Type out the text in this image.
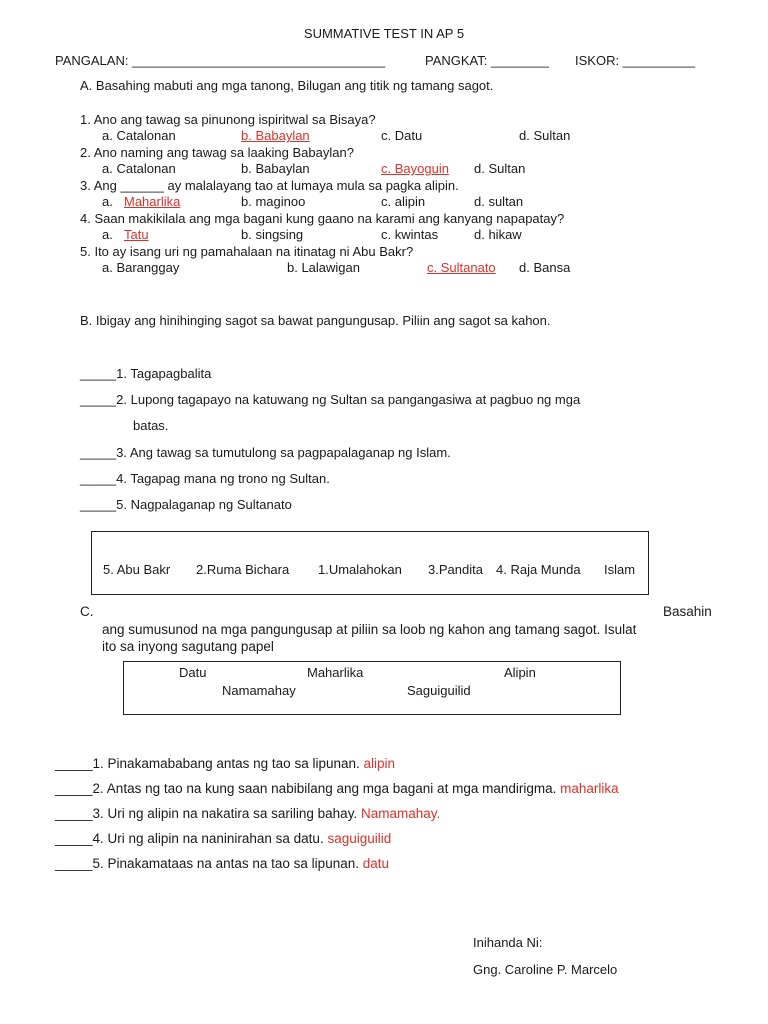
SUMMATIVE TEST IN AP 5
PANGALAN: ___________________________________	PANGKAT: ________ ISKOR: __________
A. Basahing mabuti ang mga tanong, Bilugan ang titik ng tamang sagot.
1. Ano ang tawag sa pinunong ispiritwal sa Bisaya?
a. Catalonan	b. Babaylan	c. Datu	d. Sultan
2. Ano naming ang tawag sa laaking Babaylan?
a. Catalonan	b. Babaylan	c. Bayoguin d. Sultan
3. Ang ______ ay malalayang tao at lumaya mula sa pagka alipin.
a. Maharlika	b. maginoo	c. alipin	d. sultan
4. Saan makikilala ang mga bagani kung gaano na karami ang kanyang napapatay?
a. Tatu	b. singsing	c. kwintas	d. hikaw
5. Ito ay isang uri ng pamahalaan na itinatag ni Abu Bakr?
a. Baranggay	b. Lalawigan	c. Sultanato d. Bansa
B. Ibigay ang hinihinging sagot sa bawat pangungusap. Piliin ang sagot sa kahon.
_____1. Tagapagbalita
_____2. Lupong tagapayo na katuwang ng Sultan sa pangangasiwa at pagbuo ng mga
batas.
_____3. Ang tawag sa tumutulong sa pagpapalaganap ng Islam.
_____4. Tagapag mana ng trono ng Sultan.
_____5. Nagpalaganap ng Sultanato
5. Abu Bakr 2.Ruma Bichara 1.Umalahokan 3.Pandita 4. Raja Munda Islam
C.	Basahin
ang sumusunod na mga pangungusap at piliin sa loob ng kahon ang tamang sagot. Isulat
ito sa inyong sagutang papel
Datu	Maharlika	Alipin
Namamahay	Saguiguilid
_____1. Pinakamababang antas ng tao sa lipunan. alipin
_____2. Antas ng tao na kung saan nabibilang ang mga bagani at mga mandirigma. maharlika
_____3. Uri ng alipin na nakatira sa sariling bahay. Namamahay.
_____4. Uri ng alipin na naninirahan sa datu. saguiguilid
_____5. Pinakamataas na antas na tao sa lipunan. datu
Inihanda Ni:
Gng. Caroline P. Marcelo
